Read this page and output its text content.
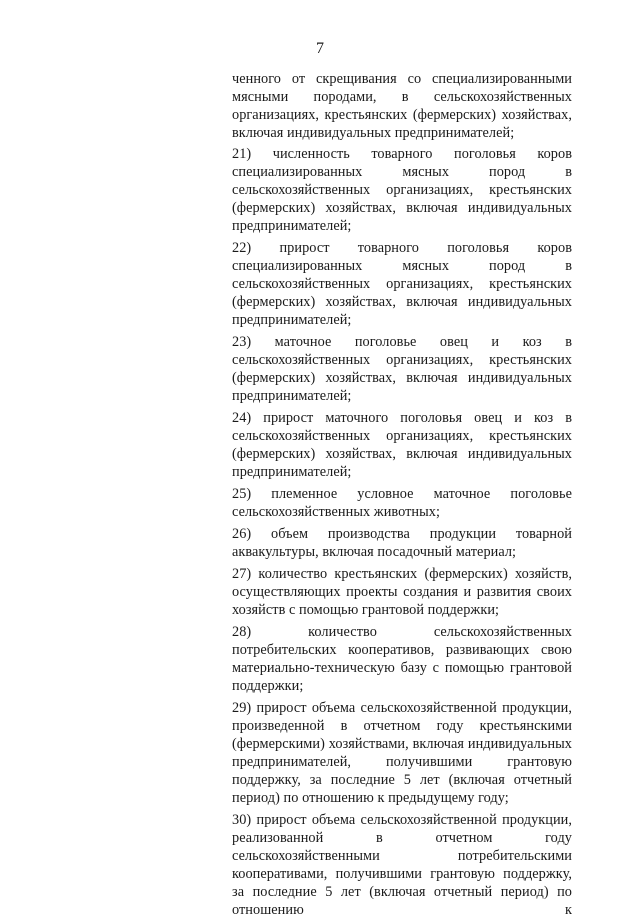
7

ченного от скрещивания со специализированными мясными породами, в сельскохозяйственных организациях, крестьянских (фермерских) хозяйствах, включая индивидуальных предпринимателей;

21) численность товарного поголовья коров специализированных мясных пород в сельскохозяйственных организациях, крестьянских (фермерских) хозяйствах, включая индивидуальных предпринимателей;

22) прирост товарного поголовья коров специализированных мясных пород в сельскохозяйственных организациях, крестьянских (фермерских) хозяйствах, включая индивидуальных предпринимателей;

23) маточное поголовье овец и коз в сельскохозяйственных организациях, крестьянских (фермерских) хозяйствах, включая индивидуальных предпринимателей;

24) прирост маточного поголовья овец и коз в сельскохозяйственных организациях, крестьянских (фермерских) хозяйствах, включая индивидуальных предпринимателей;

25) племенное условное маточное поголовье сельскохозяйственных животных;

26) объем производства продукции товарной аквакультуры, включая посадочный материал;

27) количество крестьянских (фермерских) хозяйств, осуществляющих проекты создания и развития своих хозяйств с помощью грантовой поддержки;

28) количество сельскохозяйственных потребительских кооперативов, развивающих свою материально-техническую базу с помощью грантовой поддержки;

29) прирост объема сельскохозяйственной продукции, произведенной в отчетном году крестьянскими (фермерскими) хозяйствами, включая индивидуальных предпринимателей, получившими грантовую поддержку, за последние 5 лет (включая отчетный период) по отношению к предыдущему году;

30) прирост объема сельскохозяйственной продукции, реализованной в отчетном году сельскохозяйственными потребительскими кооперативами, получившими грантовую поддержку, за последние 5 лет (включая отчетный период) по отношению к
